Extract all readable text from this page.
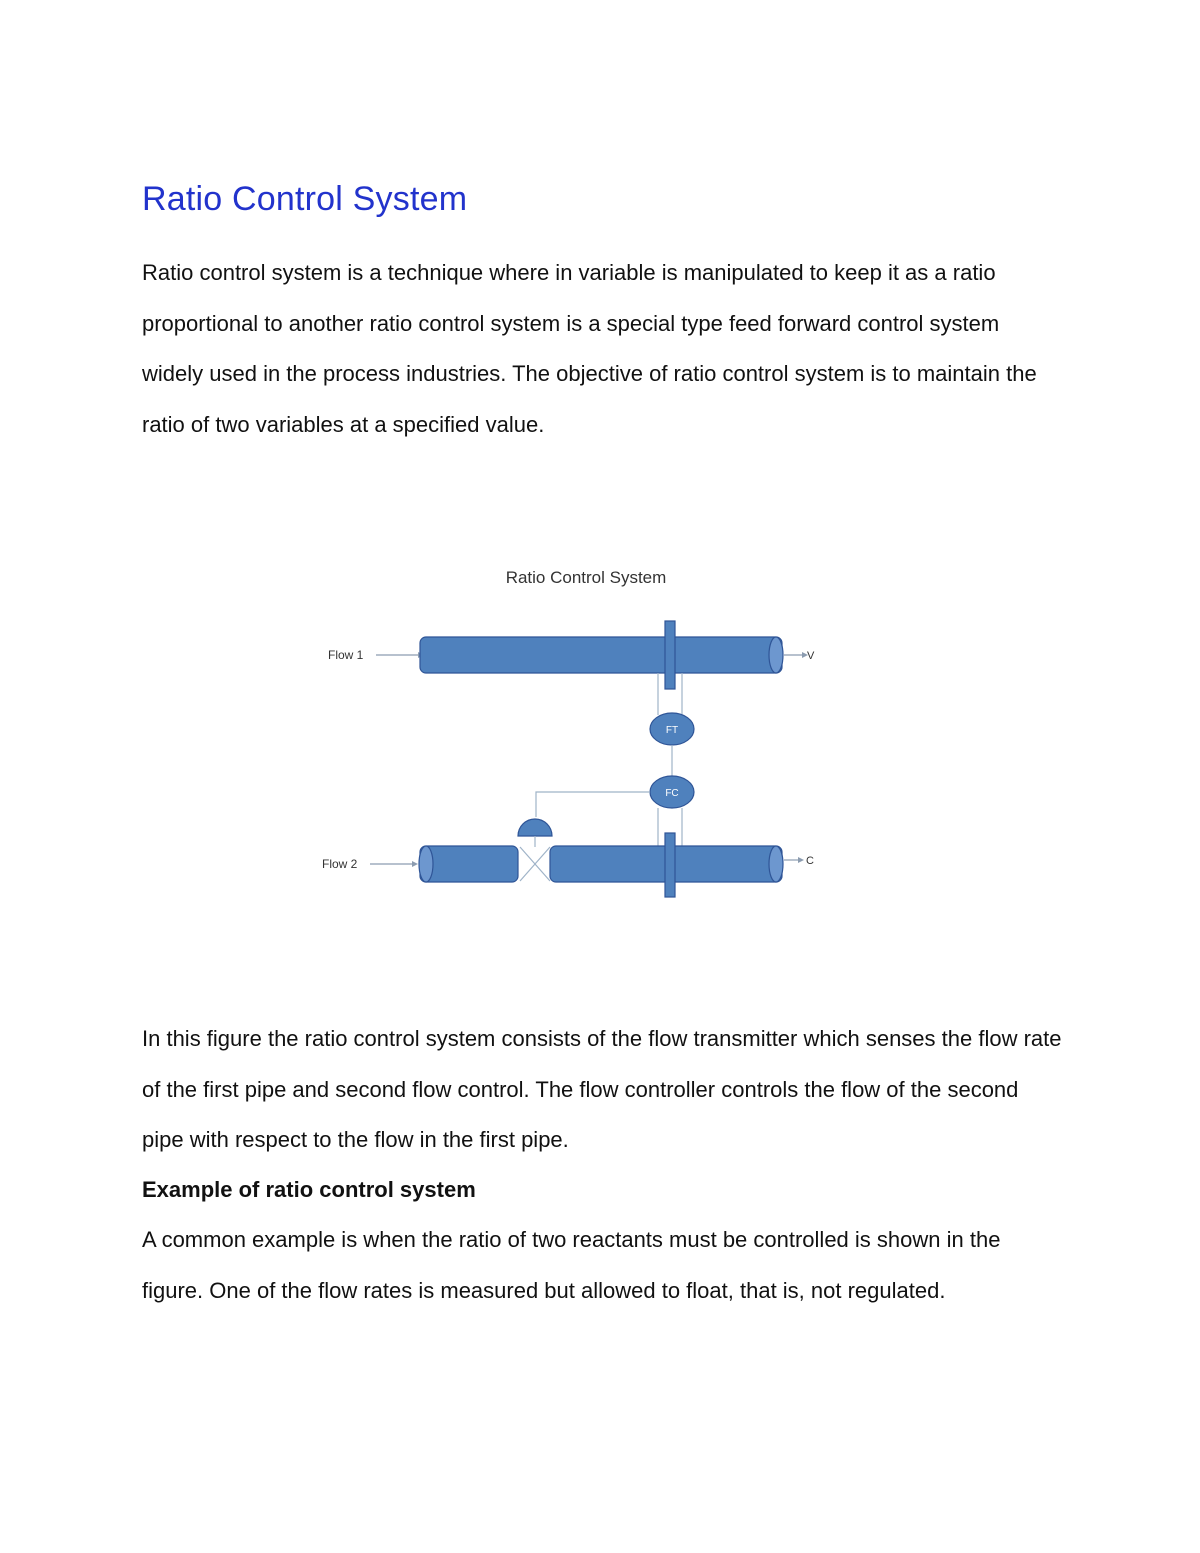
Ratio Control System

Ratio control system is a technique where in variable is manipulated to keep it as a ratio proportional to another ratio control system is a special type feed forward control system widely used in the process industries. The objective of ratio control system is to maintain the ratio of two variables at a specified value.

Ratio Control System
Flow 1	V
FT
FC
Flow 2	C

In this figure the ratio control system consists of the flow transmitter which senses the flow rate of the first pipe and second flow control. The flow controller controls the flow of the second pipe with respect to the flow in the first pipe.

Example of ratio control system

A common example is when the ratio of two reactants must be controlled is shown in the figure. One of the flow rates is measured but allowed to float, that is, not regulated.
